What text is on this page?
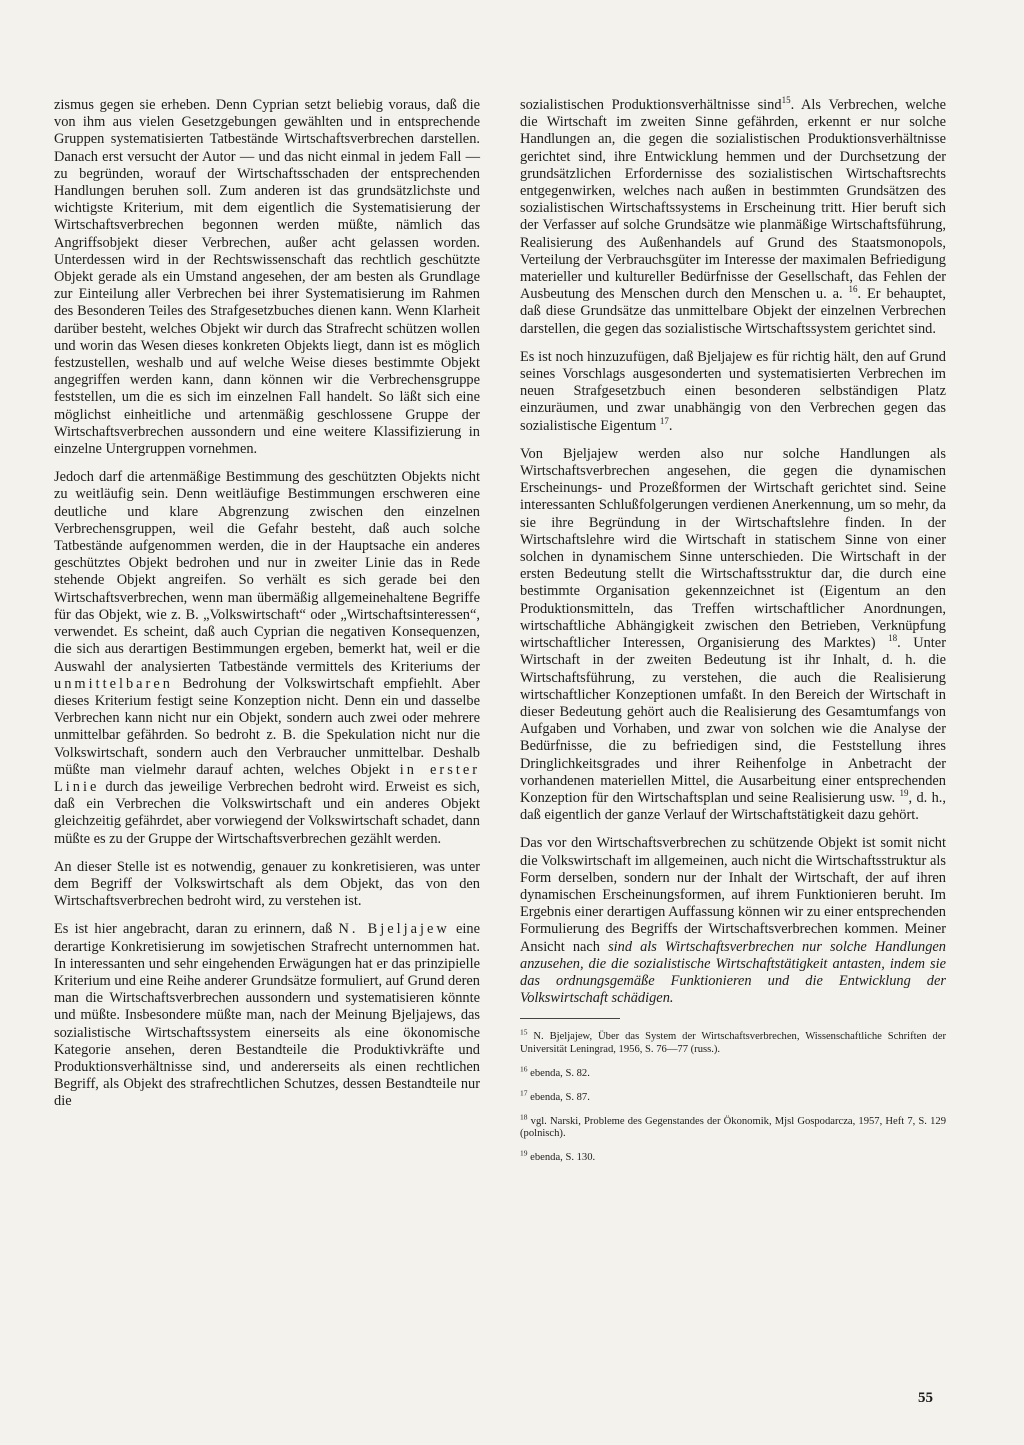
zismus gegen sie erheben. Denn Cyprian setzt beliebig voraus, daß die von ihm aus vielen Gesetzgebungen gewählten und in entsprechende Gruppen systematisierten Tatbestände Wirtschaftsverbrechen darstellen. Danach erst versucht der Autor — und das nicht einmal in jedem Fall — zu begründen, worauf der Wirtschaftsschaden der entsprechenden Handlungen beruhen soll. Zum anderen ist das grundsätzlichste und wichtigste Kriterium, mit dem eigentlich die Systematisierung der Wirtschaftsverbrechen begonnen werden müßte, nämlich das Angriffsobjekt dieser Verbrechen, außer acht gelassen worden. Unterdessen wird in der Rechtswissenschaft das rechtlich geschützte Objekt gerade als ein Umstand angesehen, der am besten als Grundlage zur Einteilung aller Verbrechen bei ihrer Systematisierung im Rahmen des Besonderen Teiles des Strafgesetzbuches dienen kann. Wenn Klarheit darüber besteht, welches Objekt wir durch das Strafrecht schützen wollen und worin das Wesen dieses konkreten Objekts liegt, dann ist es möglich festzustellen, weshalb und auf welche Weise dieses bestimmte Objekt angegriffen werden kann, dann können wir die Verbrechensgruppe feststellen, um die es sich im einzelnen Fall handelt. So läßt sich eine möglichst einheitliche und artenmäßig geschlossene Gruppe der Wirtschaftsverbrechen aussondern und eine weitere Klassifizierung in einzelne Untergruppen vornehmen.

Jedoch darf die artenmäßige Bestimmung des geschützten Objekts nicht zu weitläufig sein. Denn weitläufige Bestimmungen erschweren eine deutliche und klare Abgrenzung zwischen den einzelnen Verbrechensgruppen, weil die Gefahr besteht, daß auch solche Tatbestände aufgenommen werden, die in der Hauptsache ein anderes geschütztes Objekt bedrohen und nur in zweiter Linie das in Rede stehende Objekt angreifen. So verhält es sich gerade bei den Wirtschaftsverbrechen, wenn man übermäßig allgemeinehaltene Begriffe für das Objekt, wie z. B. „Volkswirtschaft“ oder „Wirtschaftsinteressen“, verwendet. Es scheint, daß auch Cyprian die negativen Konsequenzen, die sich aus derartigen Bestimmungen ergeben, bemerkt hat, weil er die Auswahl der analysierten Tatbestände vermittels des Kriteriums der unmittelbaren Bedrohung der Volkswirtschaft empfiehlt. Aber dieses Kriterium festigt seine Konzeption nicht. Denn ein und dasselbe Verbrechen kann nicht nur ein Objekt, sondern auch zwei oder mehrere unmittelbar gefährden. So bedroht z. B. die Spekulation nicht nur die Volkswirtschaft, sondern auch den Verbraucher unmittelbar. Deshalb müßte man vielmehr darauf achten, welches Objekt in erster Linie durch das jeweilige Verbrechen bedroht wird. Erweist es sich, daß ein Verbrechen die Volkswirtschaft und ein anderes Objekt gleichzeitig gefährdet, aber vorwiegend der Volkswirtschaft schadet, dann müßte es zu der Gruppe der Wirtschaftsverbrechen gezählt werden.

An dieser Stelle ist es notwendig, genauer zu konkretisieren, was unter dem Begriff der Volkswirtschaft als dem Objekt, das von den Wirtschaftsverbrechen bedroht wird, zu verstehen ist.

Es ist hier angebracht, daran zu erinnern, daß N. Bjeljajew eine derartige Konkretisierung im sowjetischen Strafrecht unternommen hat. In interessanten und sehr eingehenden Erwägungen hat er das prinzipielle Kriterium und eine Reihe anderer Grundsätze formuliert, auf Grund deren man die Wirtschaftsverbrechen aussondern und systematisieren könnte und müßte. Insbesondere müßte man, nach der Meinung Bjeljajews, das sozialistische Wirtschaftssystem einerseits als eine ökonomische Kategorie ansehen, deren Bestandteile die Produktivkräfte und Produktionsverhältnisse sind, und andererseits als einen rechtlichen Begriff, als Objekt des strafrechtlichen Schutzes, dessen Bestandteile nur die

sozialistischen Produktionsverhältnisse sind$^{15}$. Als Verbrechen, welche die Wirtschaft im zweiten Sinne gefährden, erkennt er nur solche Handlungen an, die gegen die sozialistischen Produktionsverhältnisse gerichtet sind, ihre Entwicklung hemmen und der Durchsetzung der grundsätzlichen Erfordernisse des sozialistischen Wirtschaftsrechts entgegenwirken, welches nach außen in bestimmten Grundsätzen des sozialistischen Wirtschaftssystems in Erscheinung tritt. Hier beruft sich der Verfasser auf solche Grundsätze wie planmäßige Wirtschaftsführung, Realisierung des Außenhandels auf Grund des Staatsmonopols, Verteilung der Verbrauchsgüter im Interesse der maximalen Befriedigung materieller und kultureller Bedürfnisse der Gesellschaft, das Fehlen der Ausbeutung des Menschen durch den Menschen u. a. $^{16}$. Er behauptet, daß diese Grundsätze das unmittelbare Objekt der einzelnen Verbrechen darstellen, die gegen das sozialistische Wirtschaftssystem gerichtet sind.

Es ist noch hinzuzufügen, daß Bjeljajew es für richtig hält, den auf Grund seines Vorschlags ausgesonderten und systematisierten Verbrechen im neuen Strafgesetzbuch einen besonderen selbständigen Platz einzuräumen, und zwar unabhängig von den Verbrechen gegen das sozialistische Eigentum $^{17}$.

Von Bjeljajew werden also nur solche Handlungen als Wirtschaftsverbrechen angesehen, die gegen die dynamischen Erscheinungs- und Prozeßformen der Wirtschaft gerichtet sind. Seine interessanten Schlußfolgerungen verdienen Anerkennung, um so mehr, da sie ihre Begründung in der Wirtschaftslehre finden. In der Wirtschaftslehre wird die Wirtschaft in statischem Sinne von einer solchen in dynamischem Sinne unterschieden. Die Wirtschaft in der ersten Bedeutung stellt die Wirtschaftsstruktur dar, die durch eine bestimmte Organisation gekennzeichnet ist (Eigentum an den Produktionsmitteln, das Treffen wirtschaftlicher Anordnungen, wirtschaftliche Abhängigkeit zwischen den Betrieben, Verknüpfung wirtschaftlicher Interessen, Organisierung des Marktes) $^{18}$. Unter Wirtschaft in der zweiten Bedeutung ist ihr Inhalt, d. h. die Wirtschaftsführung, zu verstehen, die auch die Realisierung wirtschaftlicher Konzeptionen umfaßt. In den Bereich der Wirtschaft in dieser Bedeutung gehört auch die Realisierung des Gesamtumfangs von Aufgaben und Vorhaben, und zwar von solchen wie die Analyse der Bedürfnisse, die zu befriedigen sind, die Feststellung ihres Dringlichkeitsgrades und ihrer Reihenfolge in Anbetracht der vorhandenen materiellen Mittel, die Ausarbeitung einer entsprechenden Konzeption für den Wirtschaftsplan und seine Realisierung usw. $^{19}$, d. h., daß eigentlich der ganze Verlauf der Wirtschaftstätigkeit dazu gehört.

Das vor den Wirtschaftsverbrechen zu schützende Objekt ist somit nicht die Volkswirtschaft im allgemeinen, auch nicht die Wirtschaftsstruktur als Form derselben, sondern nur der Inhalt der Wirtschaft, der auf ihren dynamischen Erscheinungsformen, auf ihrem Funktionieren beruht. Im Ergebnis einer derartigen Auffassung können wir zu einer entsprechenden Formulierung des Begriffs der Wirtschaftsverbrechen kommen. Meiner Ansicht nach sind als Wirtschaftsverbrechen nur solche Handlungen anzusehen, die die sozialistische Wirtschaftstätigkeit antasten, indem sie das ordnungsgemäße Funktionieren und die Entwicklung der Volkswirtschaft schädigen.

$^{15}$ N. Bjeljajew, Über das System der Wirtschaftsverbrechen, Wissenschaftliche Schriften der Universität Leningrad, 1956, S. 76—77 (russ.).

$^{16}$ ebenda, S. 82.

$^{17}$ ebenda, S. 87.

$^{18}$ vgl. Narski, Probleme des Gegenstandes der Ökonomik, Mjsl Gospodarcza, 1957, Heft 7, S. 129 (polnisch).

$^{19}$ ebenda, S. 130.

55
